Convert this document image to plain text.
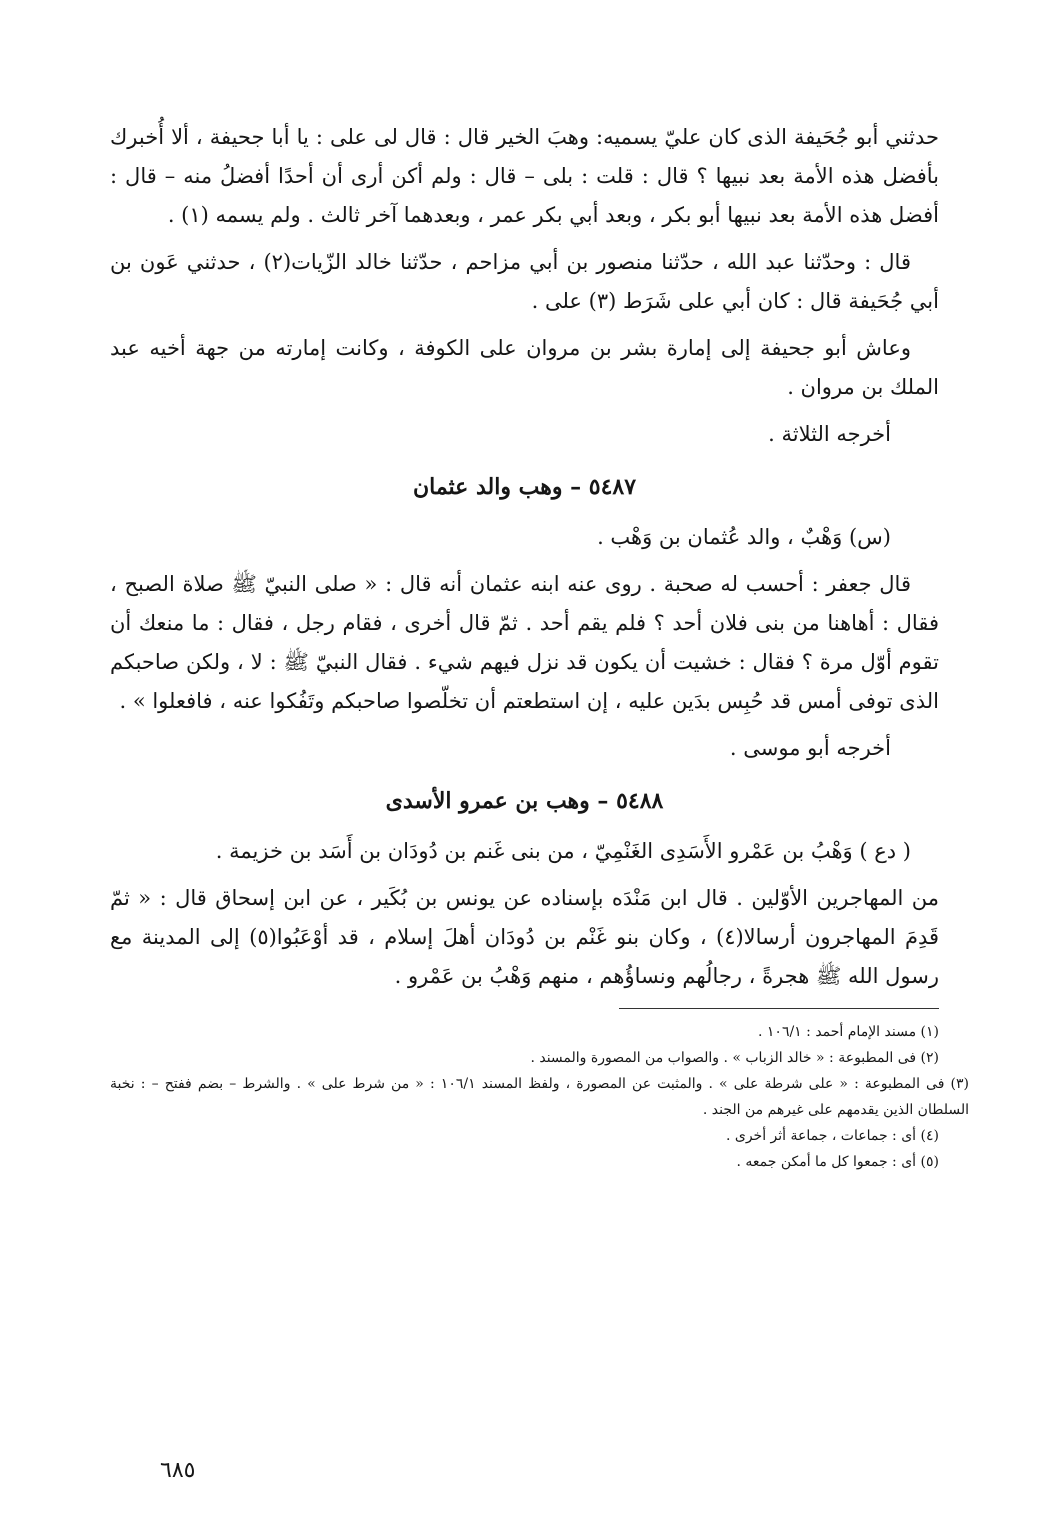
حدثني أبو جُحَيفة الذى كان عليّ يسميه: وهبَ الخير قال : قال لى على : يا أبا جحيفة ، ألا أُخبرك بأفضل هذه الأمة بعد نبيها ؟ قال : قلت : بلى – قال : ولم أكن أرى أن أحدًا أفضلُ منه – قال : أفضل هذه الأمة بعد نبيها أبو بكر ، وبعد أبي بكر عمر ، وبعدهما آخر ثالث . ولم يسمه (١) .

قال : وحدّثنا عبد الله ، حدّثنا منصور بن أبي مزاحم ، حدّثنا خالد الزّيات(٢) ، حدثني عَون بن أبي جُحَيفة قال : كان أبي على شَرَط (٣) على .

وعاش أبو جحيفة إلى إمارة بشر بن مروان على الكوفة ، وكانت إمارته من جهة أخيه عبد الملك بن مروان .

أخرجه الثلاثة .

٥٤٨٧ – وهب والد عثمان

(س) وَهْبٌ ، والد عُثمان بن وَهْب .

قال جعفر : أحسب له صحبة . روى عنه ابنه عثمان أنه قال : « صلى النبيّ ﷺ صلاة الصبح ، فقال : أهاهنا من بنى فلان أحد ؟ فلم يقم أحد . ثمّ قال أخرى ، فقام رجل ، فقال : ما منعك أن تقوم أوّل مرة ؟ فقال : خشيت أن يكون قد نزل فيهم شيء . فقال النبيّ ﷺ : لا ، ولكن صاحبكم الذى توفى أمس قد حُبِس بدَين عليه ، إن استطعتم أن تخلّصوا صاحبكم وتَفُكوا عنه ، فافعلوا » .

أخرجه أبو موسى .

٥٤٨٨ – وهب بن عمرو الأسدى

( دع ) وَهْبُ بن عَمْرو الأَسَدِى الغَنْمِيّ ، من بنى غَنم بن دُودَان بن أَسَد بن خزيمة .

من المهاجرين الأوّلين . قال ابن مَنْدَه بإسناده عن يونس بن بُكَير ، عن ابن إسحاق قال : « ثمّ قَدِمَ المهاجرون أرسالا(٤) ، وكان بنو غَنْم بن دُودَان أهلَ إسلام ، قد أوْعَبُوا(٥) إلى المدينة مع رسول الله ﷺ هجرةً ، رجالُهم ونساؤُهم ، منهم وَهْبُ بن عَمْرو .

(١) مسند الإمام أحمد : ١٠٦/١ .

(٢) فى المطبوعة : « خالد الزباب » . والصواب من المصورة والمسند .

(٣) فى المطبوعة : « على شرطة على » . والمثبت عن المصورة ، ولفظ المسند ١٠٦/١ : « من شرط على » . والشرط – بضم ففتح – : نخبة السلطان الذين يقدمهم على غيرهم من الجند .

(٤) أى : جماعات ، جماعة أثر أخرى .

(٥) أى : جمعوا كل ما أمكن جمعه .

٦٨٥
